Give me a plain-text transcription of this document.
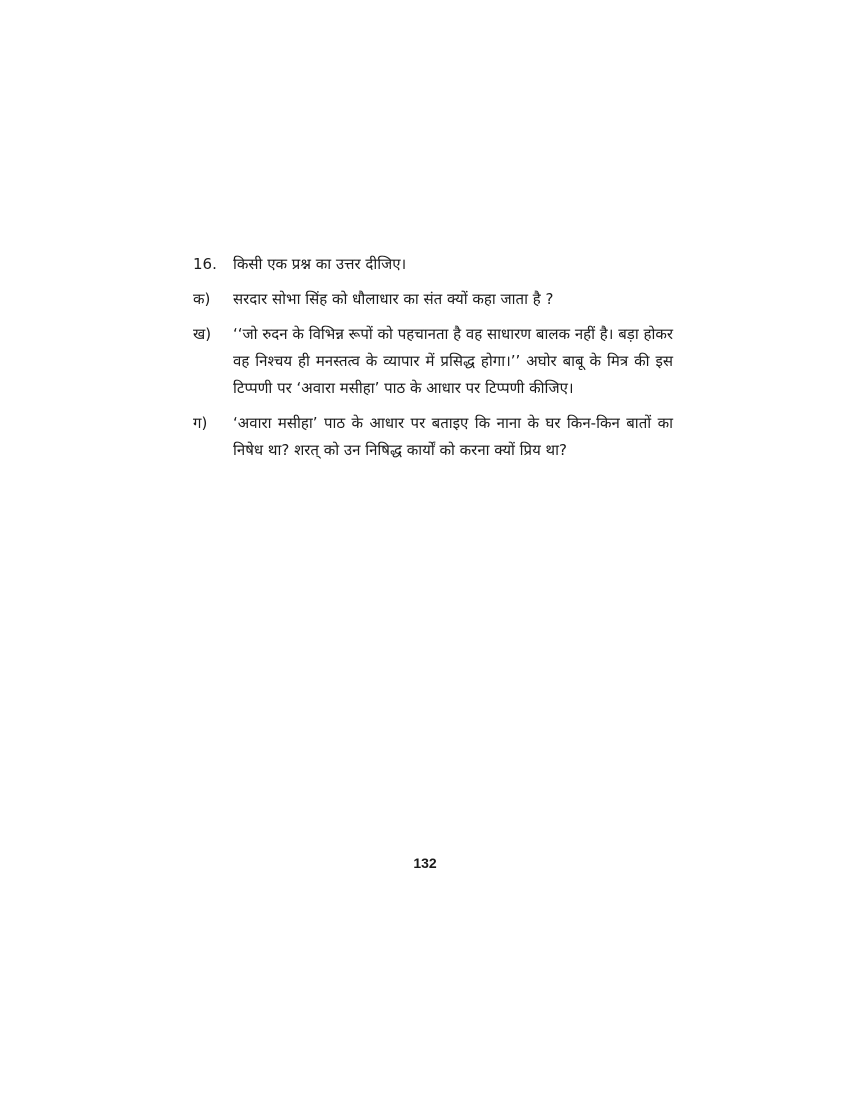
16.	किसी एक प्रश्न का उत्तर दीजिए।
क)	सरदार सोभा सिंह को धौलाधार का संत क्यों कहा जाता है ?
ख)	‘‘जो रुदन के विभिन्न रूपों को पहचानता है वह साधारण बालक नहीं है। बड़ा होकर वह निश्चय ही मनस्तत्व के व्यापार में प्रसिद्ध होगा।’’ अघोर बाबू के मित्र की इस टिप्पणी पर ‘अवारा मसीहा’ पाठ के आधार पर टिप्पणी कीजिए।
ग)	‘अवारा मसीहा’ पाठ के आधार पर बताइए कि नाना के घर किन-किन बातों का निषेध था? शरत् को उन निषिद्ध कार्यों को करना क्यों प्रिय था?
132
